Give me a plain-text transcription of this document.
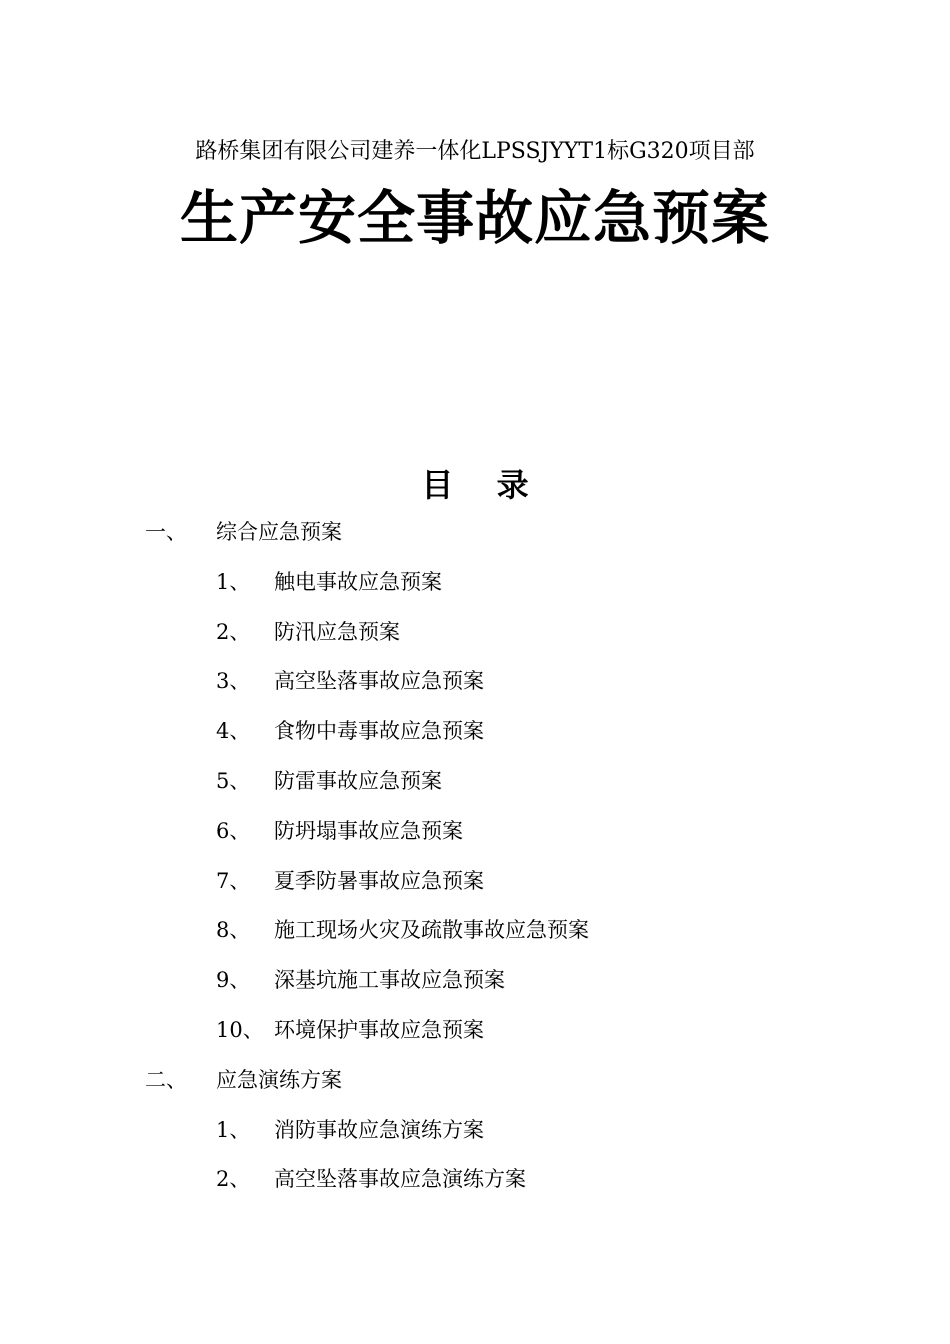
路桥集团有限公司建养一体化LPSSJYYT1标G320项目部
生产安全事故应急预案
目 录
一、 综合应急预案
1、 触电事故应急预案
2、 防汛应急预案
3、 高空坠落事故应急预案
4、 食物中毒事故应急预案
5、 防雷事故应急预案
6、 防坍塌事故应急预案
7、 夏季防暑事故应急预案
8、 施工现场火灾及疏散事故应急预案
9、 深基坑施工事故应急预案
10、 环境保护事故应急预案
二、 应急演练方案
1、 消防事故应急演练方案
2、 高空坠落事故应急演练方案
